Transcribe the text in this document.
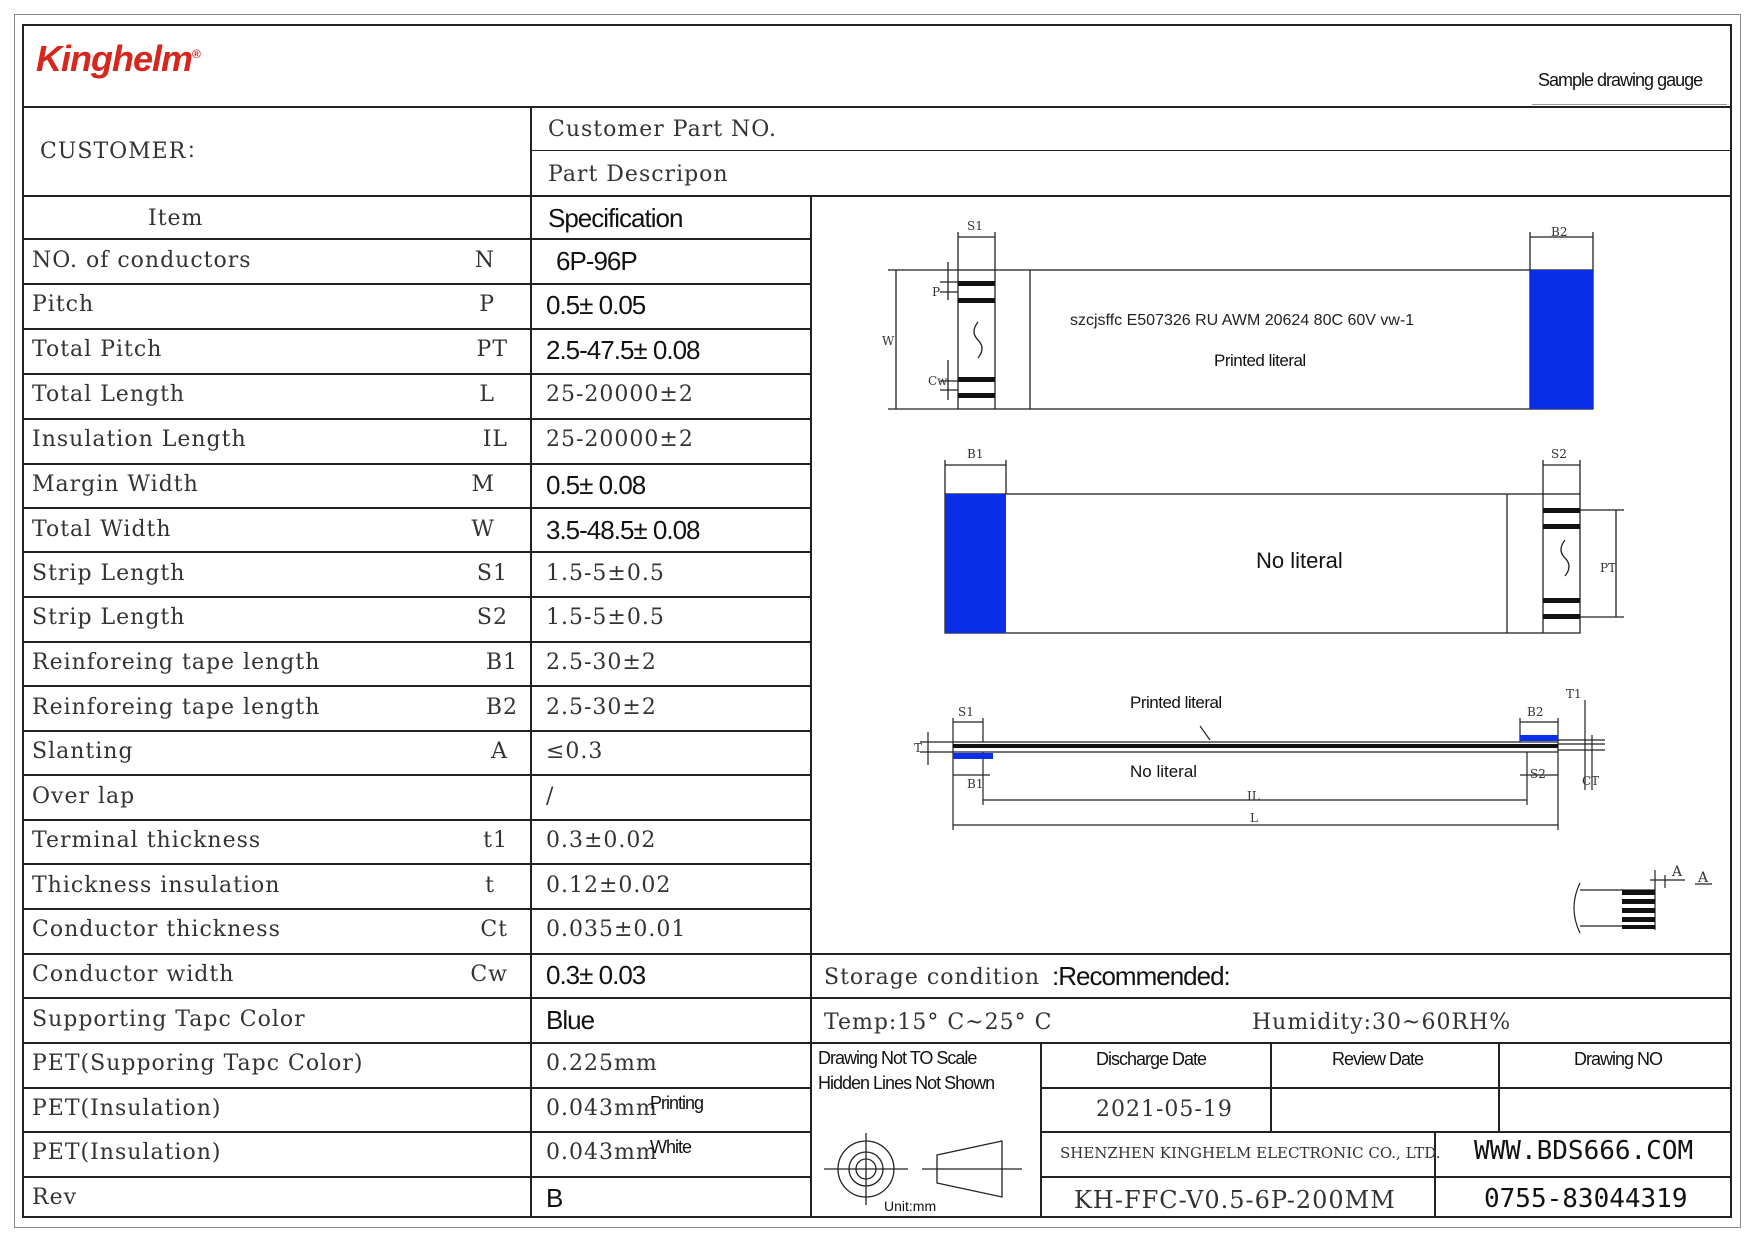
Kinghelm®
Sample drawing gauge
CUSTOMER：
Customer Part NO.
Part Descripon
Item	Specification
NO. of conductors	N 6P-96P
Pitch	P 0.5± 0.05
Total Pitch	PT 2.5-47.5± 0.08
Total Length	L 25-20000±2
Insulation Length	IL 25-20000±2
Margin Width	M 0.5± 0.08
Total Width	W 3.5-48.5± 0.08
Strip Length	S1 1.5-5±0.5
Strip Length	S2 1.5-5±0.5
Reinforeing tape length	B1 2.5-30±2
Reinforeing tape length	B2 2.5-30±2
Slanting	A ≤0.3
Over lap	/
Terminal thickness	t1 0.3±0.02
Thickness insulation	t 0.12±0.02
Conductor thickness	Ct 0.035±0.01
Conductor width	Cw 0.3± 0.03
Supporting Tapc Color	Blue
PET(Supporing Tapc Color)	0.225mm
PET(Insulation)	0.043mm
Printing
PET(Insulation)	0.043mm
White
Rev	B
szcjsffc E507326 RU AWM 20624 80C 60V vw-1
Printed literal
No literal
Printed literal
No literal
S1	B2
W
P
Cw
B1	S2
PT
S1	B2
B1
S2
T
T1
CT
IL
L
A A
Storage condition :Recommended:
Temp:15° C~25° C	Humidity:30~60RH%
Drawing Not TO Scale
Hidden Lines Not Shown
Discharge Date	Review Date	Drawing NO
2021-05-19
SHENZHEN KINGHELM ELECTRONIC CO., LTD. WWW.BDS666.COM
KH-FFC-V0.5-6P-200MM	0755-83044319
Unit:mm
